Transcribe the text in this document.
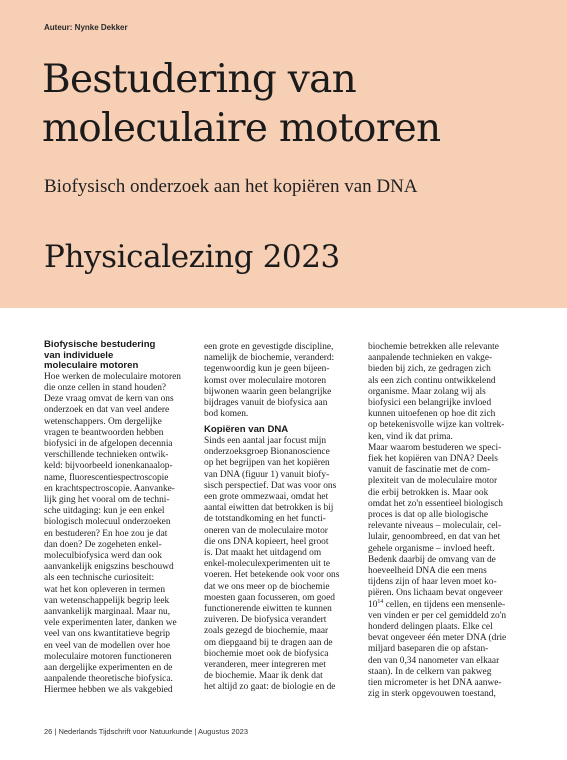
Auteur: Nynke Dekker
Bestudering van moleculaire motoren
Biofysisch onderzoek aan het kopiëren van DNA
Physicalezing 2023
Biofysische bestudering
van individuele
moleculaire motoren

Hoe werken de moleculaire motoren
die onze cellen in stand houden?
Deze vraag omvat de kern van ons
onderzoek en dat van veel andere
wetenschappers. Om dergelijke
vragen te beantwoorden hebben
biofysici in de afgelopen decennia
verschillende technieken ontwik-
keld: bijvoorbeeld ionenkanaalop-
name, fluorescentiespectroscopie
en krachtspectroscopie. Aanvanke-
lijk ging het vooral om de techni-
sche uitdaging: kun je een enkel
biologisch molecuul onderzoeken
en bestuderen? En hoe zou je dat
dan doen? De zogeheten enkel-
moleculbiofysica werd dan ook
aanvankelijk enigszins beschouwd
als een technische curiositeit:
wat het kon opleveren in termen
van wetenschappelijk begrip leek
aanvankelijk marginaal. Maar nu,
vele experimenten later, danken we
veel van ons kwantitatieve begrip
en veel van de modellen over hoe
moleculaire motoren functioneren
aan dergelijke experimenten en de
aanpalende theoretische biofysica.
Hiermee hebben we als vakgebied

een grote en gevestigde discipline,
namelijk de biochemie, veranderd:
tegenwoordig kun je geen bijeen-
komst over moleculaire motoren
bijwonen waarin geen belangrijke
bijdrages vanuit de biofysica aan
bod komen.

Kopiëren van DNA

Sinds een aantal jaar focust mijn
onderzoeksgroep Bionanoscience
op het begrijpen van het kopiëren
van DNA (figuur 1) vanuit biofy-
sisch perspectief. Dat was voor ons
een grote ommezwaai, omdat het
aantal eiwitten dat betrokken is bij
de totstandkoming en het functi-
oneren van de moleculaire motor
die ons DNA kopieert, heel groot
is. Dat maakt het uitdagend om
enkel-moleculexperimenten uit te
voeren. Het betekende ook voor ons
dat we ons meer op de biochemie
moesten gaan focusseren, om goed
functionerende eiwitten te kunnen
zuiveren. De biofysica verandert
zoals gezegd de biochemie, maar
om diepgaand bij te dragen aan de
biochemie moet ook de biofysica
veranderen, meer integreren met
de biochemie. Maar ik denk dat
het altijd zo gaat: de biologie en de

biochemie betrekken alle relevante
aanpalende technieken en vakge-
bieden bij zich, ze gedragen zich
als een zich continu ontwikkelend
organisme. Maar zolang wij als
biofysici een belangrijke invloed
kunnen uitoefenen op hoe dit zich
op betekenisvolle wijze kan voltrek-
ken, vind ik dat prima.
Maar waarom bestuderen we speci-
fiek het kopiëren van DNA? Deels
vanuit de fascinatie met de com-
plexiteit van de moleculaire motor
die erbij betrokken is. Maar ook
omdat het zo'n essentieel biologisch
proces is dat op alle biologische
relevante niveaus – moleculair, cel-
lulair, genoombreed, en dat van het
gehele organisme – invloed heeft.
Bedenk daarbij de omvang van de
hoeveelheid DNA die een mens
tijdens zijn of haar leven moet ko-
piëren. Ons lichaam bevat ongeveer
$10^{14}$ cellen, en tijdens een mensenle-
ven vinden er per cel gemiddeld zo'n
honderd delingen plaats. Elke cel
bevat ongeveer één meter DNA (drie
miljard baseparen die op afstan-
den van 0,34 nanometer van elkaar
staan). In de celkern van pakweg
tien micrometer is het DNA aanwe-
zig in sterk opgevouwen toestand,

26 | Nederlands Tijdschrift voor Natuurkunde | Augustus 2023
